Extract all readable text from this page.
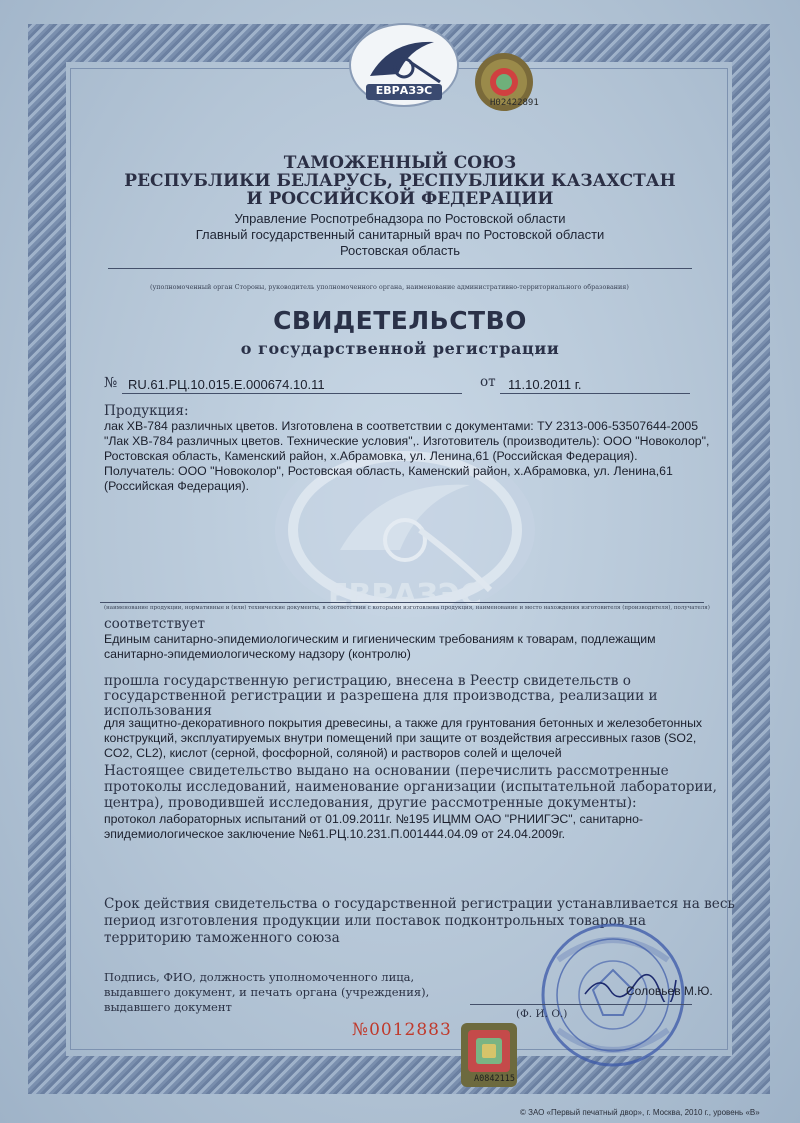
ЕВРАЗЭС
ЕВРАЗЭС
H02422891
ТАМОЖЕННЫЙ СОЮЗ
РЕСПУБЛИКИ БЕЛАРУСЬ, РЕСПУБЛИКИ КАЗАХСТАН
И РОССИЙСКОЙ ФЕДЕРАЦИИ
Управление Роспотребнадзора по Ростовской области
Главный государственный санитарный врач по Ростовской области
Ростовская область
(уполномоченный орган Стороны, руководитель уполномоченного органа, наименование административно-территориального образования)
СВИДЕТЕЛЬСТВО
о государственной регистрации
№ RU.61.РЦ.10.015.Е.000674.10.11	от 11.10.2011 г.
Продукция:
лак ХВ-784 различных цветов. Изготовлена в соответствии с документами: ТУ 2313-006-53507644-2005
"Лак ХВ-784 различных цветов. Технические условия",. Изготовитель (производитель): ООО "Новоколор",
Ростовская область, Каменский район, х.Абрамовка, ул. Ленина,61 (Российская Федерация).
Получатель: ООО "Новоколор", Ростовская область, Каменский район, х.Абрамовка, ул. Ленина,61
(Российская Федерация).
(наименование продукции, нормативные и (или) технические документы, в соответствии с которыми изготовлена продукция, наименование и место нахождения изготовителя (производителя), получателя)
соответствует
Единым санитарно-эпидемиологическим и гигиеническим требованиям к товарам, подлежащим
санитарно-эпидемиологическому надзору (контролю)
прошла государственную регистрацию, внесена в Реестр свидетельств о
государственной регистрации и разрешена для производства, реализации и
использования
для защитно-декоративного покрытия древесины, а также для грунтования бетонных и железобетонных
конструкций, эксплуатируемых внутри помещений при защите от воздействия агрессивных газов (SO2,
CO2, CL2), кислот (серной, фосфорной, соляной) и растворов солей и щелочей
Настоящее свидетельство выдано на основании (перечислить рассмотренные
протоколы исследований, наименование организации (испытательной лаборатории,
центра), проводившей исследования, другие рассмотренные документы):
протокол лабораторных испытаний от 01.09.2011г. №195 ИЦММ ОАО "РНИИГЭС", санитарно-
эпидемиологическое заключение №61.РЦ.10.231.П.001444.04.09 от 24.04.2009г.
Срок действия свидетельства о государственной регистрации устанавливается на весь
период изготовления продукции или поставок подконтрольных товаров на
территорию таможенного союза
Подпись, ФИО, должность уполномоченного лица,
выдавшего документ, и печать органа (учреждения),
выдавшего документ
Соловьев М.Ю.
(Ф. И. О.)
№0012883
A0842115
© ЗАО «Первый печатный двор», г. Москва, 2010 г., уровень «В»
